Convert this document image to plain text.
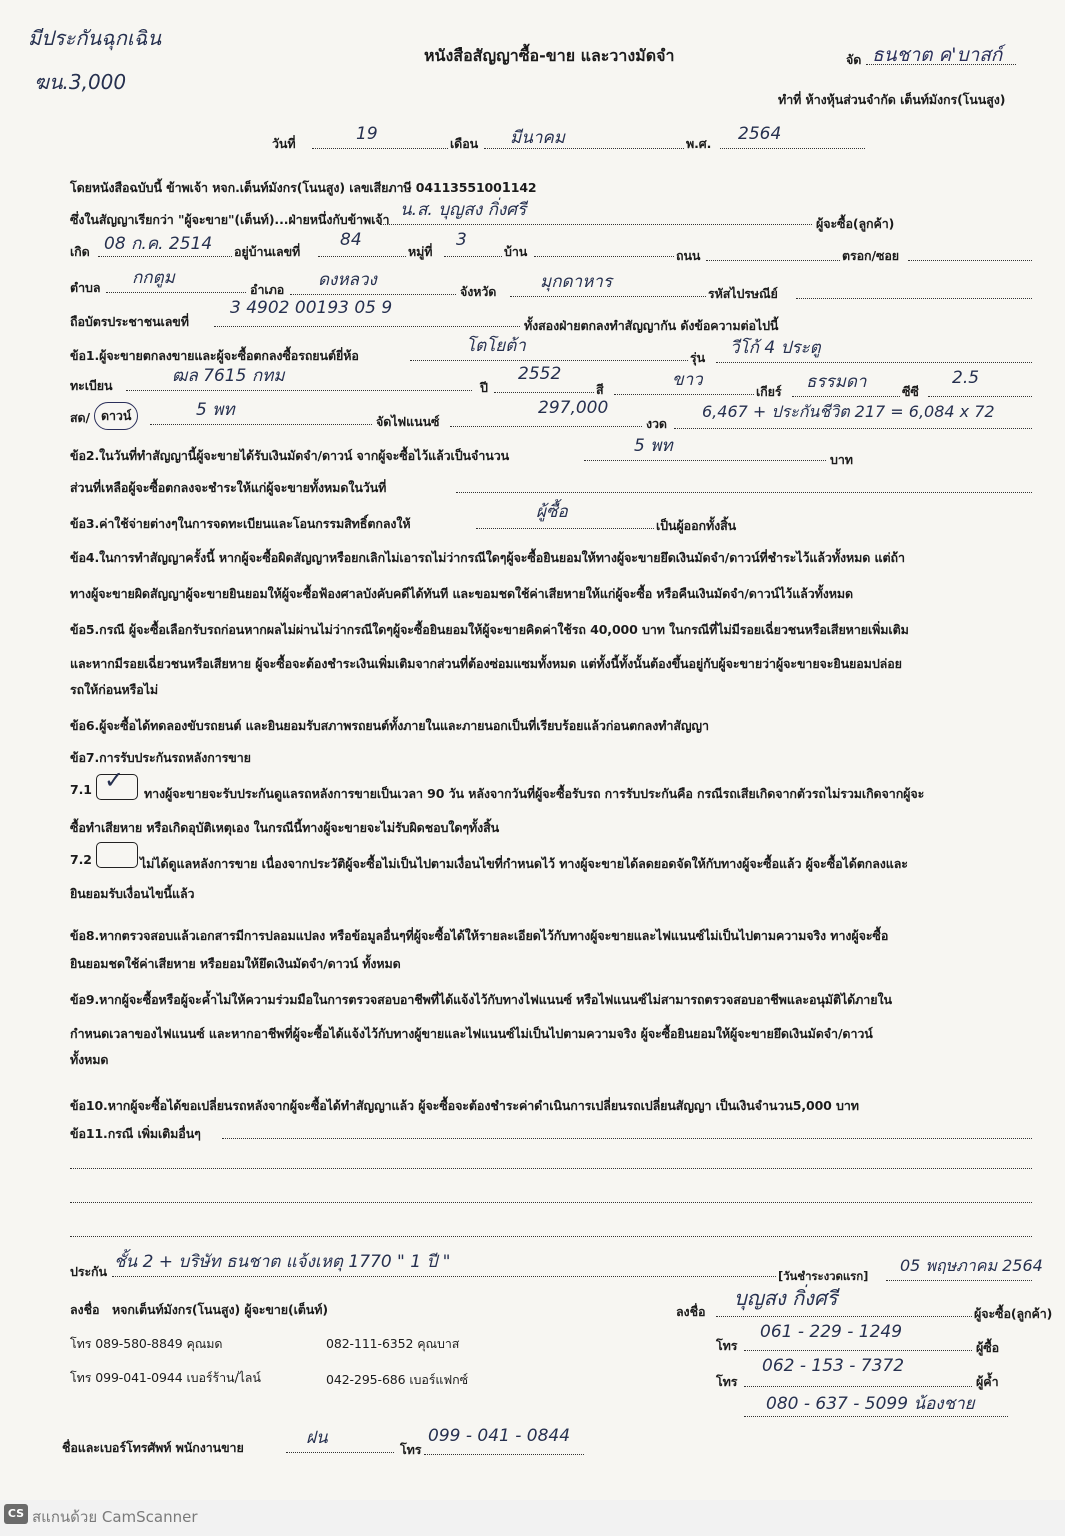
มีประกันฉุกเฉิน
ฆน.3,000
หนังสือสัญญาซื้อ-ขาย และวางมัดจำ	จัด ธนชาต ค'บาสก์
ทำที่ ห้างหุ้นส่วนจำกัด เต็นท์มังกร(โนนสูง)
วันที่	19	เดือน มีนาคม	พ.ศ. 2564
โดยหนังสือฉบับนี้ ข้าพเจ้า หจก.เต็นท์มังกร(โนนสูง) เลขเสียภาษี 04113551001142
ซึ่งในสัญญาเรียกว่า "ผู้จะขาย"(เต็นท์)...ฝ่ายหนึ่งกับข้าพเจ้า น.ส. บุญสง กิ่งศรี
ผู้จะซื้อ(ลูกค้า)
เกิด 08 ก.ค. 2514 อยู่บ้านเลขที่
84
หมู่ที่
3
บ้าน	ถนน	ตรอก/ซอย
ตำบล กกตูม
อำเภอ ดงหลวง
จังหวัด	มุกดาหาร
รหัสไปรษณีย์
ถือบัตรประชาชนเลขที่
3 4902 00193 05 9
ทั้งสองฝ่ายตกลงทำสัญญากัน ดังข้อความต่อไปนี้
ข้อ1.ผู้จะขายตกลงขายและผู้จะซื้อตกลงซื้อรถยนต์ยี่ห้อ	โตโยต้า
รุ่น วีโก้ 4 ประตู
ทะเบียน	ฒล 7615 กทม
ปี
2552
สี	ขาว
เกียร์ ธรรมดา	ซีซี
2.5
สด/ ดาวน์	5 พท
จัดไฟแนนซ์
297,000
งวด
6,467 + ประกันชีวิต 217 = 6,084 x 72
ข้อ2.ในวันที่ทำสัญญานี้ผู้จะขายได้รับเงินมัดจำ/ดาวน์ จากผู้จะซื้อไว้แล้วเป็นจำนวน	5 พท
บาท
ส่วนที่เหลือผู้จะซื้อตกลงจะชำระให้แก่ผู้จะขายทั้งหมดในวันที่
ข้อ3.ค่าใช้จ่ายต่างๆในการจดทะเบียนและโอนกรรมสิทธิ์ตกลงให้
ผู้ซื้อ
เป็นผู้ออกทั้งสิ้น
ข้อ4.ในการทำสัญญาครั้งนี้ หากผู้จะซื้อผิดสัญญาหรือยกเลิกไม่เอารถไม่ว่ากรณีใดๆผู้จะซื้อยินยอมให้ทางผู้จะขายยึดเงินมัดจำ/ดาวน์ที่ชำระไว้แล้วทั้งหมด แต่ถ้า
ทางผู้จะขายผิดสัญญาผู้จะขายยินยอมให้ผู้จะซื้อฟ้องศาลบังคับคดีได้ทันที และขอมชดใช้ค่าเสียหายให้แก่ผู้จะซื้อ หรือคืนเงินมัดจำ/ดาวน์ไว้แล้วทั้งหมด
ข้อ5.กรณี ผู้จะซื้อเลือกรับรถก่อนหากผลไม่ผ่านไม่ว่ากรณีใดๆผู้จะซื้อยินยอมให้ผู้จะขายคิดค่าใช้รถ 40,000 บาท ในกรณีที่ไม่มีรอยเฉี่ยวชนหรือเสียหายเพิ่มเติม
และหากมีรอยเฉี่ยวชนหรือเสียหาย ผู้จะซื้อจะต้องชำระเงินเพิ่มเติมจากส่วนที่ต้องซ่อมแซมทั้งหมด แต่ทั้งนี้ทั้งนั้นต้องขึ้นอยู่กับผู้จะขายว่าผู้จะขายจะยินยอมปล่อย
รถให้ก่อนหรือไม่
ข้อ6.ผู้จะซื้อได้ทดลองขับรถยนต์ และยินยอมรับสภาพรถยนต์ทั้งภายในและภายนอกเป็นที่เรียบร้อยแล้วก่อนตกลงทำสัญญา
ข้อ7.การรับประกันรถหลังการขาย
7.1 ✓ ทางผู้จะขายจะรับประกันดูแลรถหลังการขายเป็นเวลา 90 วัน หลังจากวันที่ผู้จะซื้อรับรถ การรับประกันคือ กรณีรถเสียเกิดจากตัวรถไม่รวมเกิดจากผู้จะ
ซื้อทำเสียหาย หรือเกิดอุบัติเหตุเอง ในกรณีนี้ทางผู้จะขายจะไม่รับผิดชอบใดๆทั้งสิ้น
7.2	ไม่ได้ดูแลหลังการขาย เนื่องจากประวัติผู้จะซื้อไม่เป็นไปตามเงื่อนไขที่กำหนดไว้ ทางผู้จะขายได้ลดยอดจัดให้กับทางผู้จะซื้อแล้ว ผู้จะซื้อได้ตกลงและ
ยินยอมรับเงื่อนไขนี้แล้ว
ข้อ8.หากตรวจสอบแล้วเอกสารมีการปลอมแปลง หรือข้อมูลอื่นๆที่ผู้จะซื้อได้ให้รายละเอียดไว้กับทางผู้จะขายและไฟแนนซ์ไม่เป็นไปตามความจริง ทางผู้จะซื้อ
ยินยอมชดใช้ค่าเสียหาย หรือยอมให้ยึดเงินมัดจำ/ดาวน์ ทั้งหมด
ข้อ9.หากผู้จะซื้อหรือผู้จะค้ำไม่ให้ความร่วมมือในการตรวจสอบอาชีพที่ได้แจ้งไว้กับทางไฟแนนซ์ หรือไฟแนนซ์ไม่สามารถตรวจสอบอาชีพและอนุมัติได้ภายใน
กำหนดเวลาของไฟแนนซ์ และหากอาชีพที่ผู้จะซื้อได้แจ้งไว้กับทางผู้ขายและไฟแนนซ์ไม่เป็นไปตามความจริง ผู้จะซื้อยินยอมให้ผู้จะขายยึดเงินมัดจำ/ดาวน์
ทั้งหมด
ข้อ10.หากผู้จะซื้อได้ขอเปลี่ยนรถหลังจากผู้จะซื้อได้ทำสัญญาแล้ว ผู้จะซื้อจะต้องชำระค่าดำเนินการเปลี่ยนรถเปลี่ยนสัญญา เป็นเงินจำนวน5,000 บาท
ข้อ11.กรณี เพิ่มเติมอื่นๆ
ประกัน ชั้น 2 + บริษัท ธนชาต แจ้งเหตุ 1770 " 1 ปี "
[วันชำระงวดแรก]
05 พฤษภาคม 2564
ลงชื่อ หจกเต็นท์มังกร(โนนสูง) ผู้จะขาย(เต็นท์)	ลงชื่อ
บุญสง กิ่งศรี
ผู้จะซื้อ(ลูกค้า)
โทร 089-580-8849 คุณมด	082-111-6352 คุณบาส	โทร
061 - 229 - 1249
ผู้ซื้อ
โทร 099-041-0944 เบอร์ร้าน/ไลน์	042-295-686 เบอร์แฟกซ์	โทร
062 - 153 - 7372
ผู้ค้ำ
080 - 637 - 5099 น้องชาย
ชื่อและเบอร์โทรศัพท์ พนักงานขาย	ฝน
โทร
099 - 041 - 0844
CS สแกนด้วย CamScanner
